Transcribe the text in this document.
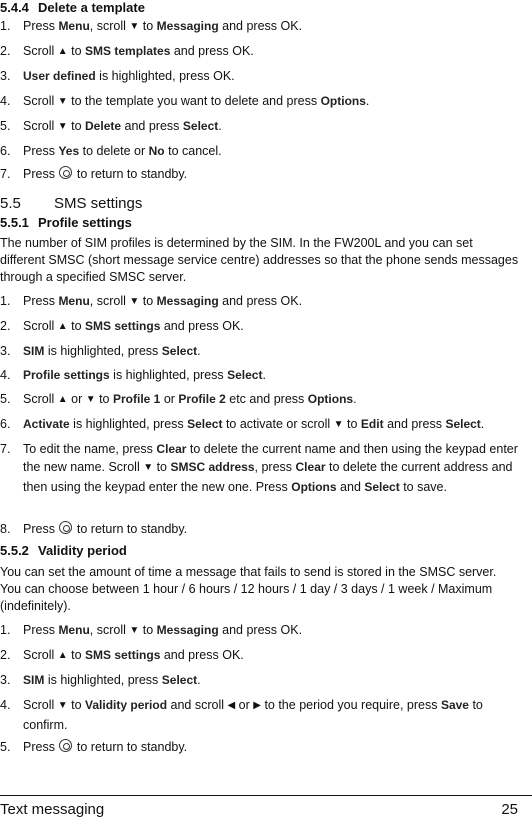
5.4.4 Delete a template
1.	Press Menu, scroll ▼ to Messaging and press OK.
2.	Scroll ▲ to SMS templates and press OK.
3.	User defined is highlighted, press OK.
4.	Scroll ▼ to the template you want to delete and press Options.
5.	Scroll ▼ to Delete and press Select.
6.	Press Yes to delete or No to cancel.
7.	Press  to return to standby.
5.5 SMS settings
5.5.1 Profile settings
The number of SIM profiles is determined by the SIM. In the FW200L and you can set different SMSC (short message service centre) addresses so that the phone sends messages through a specified SMSC server.
1.	Press Menu, scroll ▼ to Messaging and press OK.
2.	Scroll ▲ to SMS settings and press OK.
3.	SIM is highlighted, press Select.
4.	Profile settings is highlighted, press Select.
5.	Scroll ▲ or ▼ to Profile 1 or Profile 2 etc and press Options.
6.	Activate is highlighted, press Select to activate or scroll ▼ to Edit and press Select.
7.	To edit the name, press Clear to delete the current name and then using the keypad enter the new name. Scroll ▼ to SMSC address, press Clear to delete the current address and then using the keypad enter the new one. Press Options and Select to save.
8.	Press  to return to standby.
5.5.2 Validity period
You can set the amount of time a message that fails to send is stored in the SMSC server. You can choose between 1 hour / 6 hours / 12 hours / 1 day / 3 days / 1 week / Maximum (indefinitely).
1.	Press Menu, scroll ▼ to Messaging and press OK.
2.	Scroll ▲ to SMS settings and press OK.
3.	SIM is highlighted, press Select.
4.	Scroll ▼ to Validity period and scroll ◀ or ▶ to the period you require, press Save to confirm.
5.	Press  to return to standby.
Text messaging	25
